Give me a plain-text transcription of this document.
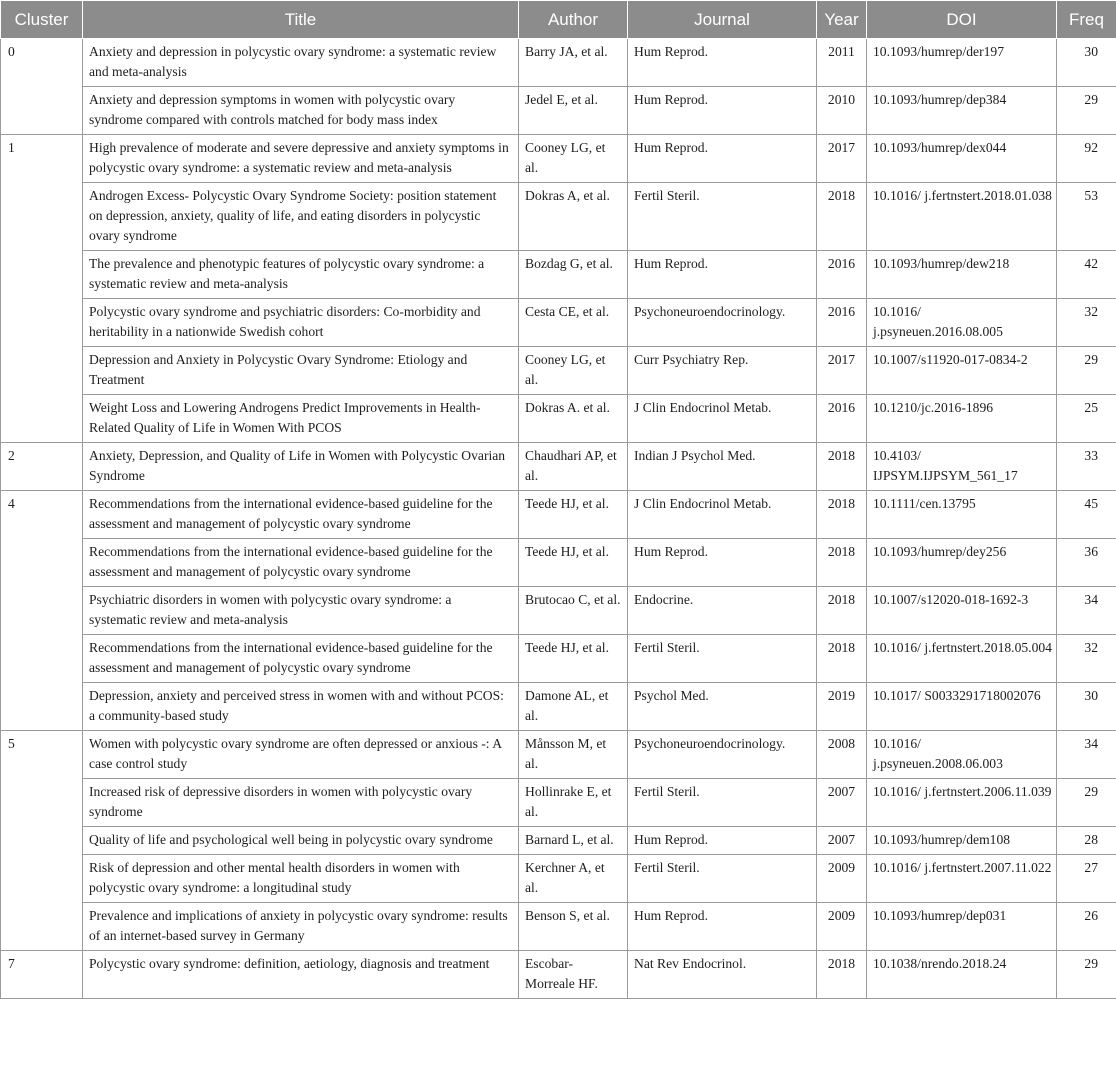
Cluster	Title	Author	Journal	Year	DOI	Freq
0	Anxiety and depression in polycystic ovary syndrome: a systematic review and meta-analysis	Barry JA, et al.	Hum Reprod.	2011	10.1093/humrep/der197	30
	Anxiety and depression symptoms in women with polycystic ovary syndrome compared with controls matched for body mass index	Jedel E, et al.	Hum Reprod.	2010	10.1093/humrep/dep384	29
1	High prevalence of moderate and severe depressive and anxiety symptoms in polycystic ovary syndrome: a systematic review and meta-analysis	Cooney LG, et al.	Hum Reprod.	2017	10.1093/humrep/dex044	92
	Androgen Excess- Polycystic Ovary Syndrome Society: position statement on depression, anxiety, quality of life, and eating disorders in polycystic ovary syndrome	Dokras A, et al.	Fertil Steril.	2018	10.1016/ j.fertnstert.2018.01.038	53
	The prevalence and phenotypic features of polycystic ovary syndrome: a systematic review and meta-analysis	Bozdag G, et al.	Hum Reprod.	2016	10.1093/humrep/dew218	42
	Polycystic ovary syndrome and psychiatric disorders: Co-morbidity and heritability in a nationwide Swedish cohort	Cesta CE, et al.	Psychoneuroendocrinology.	2016	10.1016/ j.psyneuen.2016.08.005	32
	Depression and Anxiety in Polycystic Ovary Syndrome: Etiology and Treatment	Cooney LG, et al.	Curr Psychiatry Rep.	2017	10.1007/s11920-017-0834-2	29
	Weight Loss and Lowering Androgens Predict Improvements in Health-Related Quality of Life in Women With PCOS	Dokras A. et al.	J Clin Endocrinol Metab.	2016	10.1210/jc.2016-1896	25
2	Anxiety, Depression, and Quality of Life in Women with Polycystic Ovarian Syndrome	Chaudhari AP, et al.	Indian J Psychol Med.	2018	10.4103/ IJPSYM.IJPSYM_561_17	33
4	Recommendations from the international evidence-based guideline for the assessment and management of polycystic ovary syndrome	Teede HJ, et al.	J Clin Endocrinol Metab.	2018	10.1111/cen.13795	45
	Recommendations from the international evidence-based guideline for the assessment and management of polycystic ovary syndrome	Teede HJ, et al.	Hum Reprod.	2018	10.1093/humrep/dey256	36
	Psychiatric disorders in women with polycystic ovary syndrome: a systematic review and meta-analysis	Brutocao C, et al.	Endocrine.	2018	10.1007/s12020-018-1692-3	34
	Recommendations from the international evidence-based guideline for the assessment and management of polycystic ovary syndrome	Teede HJ, et al.	Fertil Steril.	2018	10.1016/ j.fertnstert.2018.05.004	32
	Depression, anxiety and perceived stress in women with and without PCOS: a community-based study	Damone AL, et al.	Psychol Med.	2019	10.1017/ S0033291718002076	30
5	Women with polycystic ovary syndrome are often depressed or anxious -: A case control study	Månsson M, et al.	Psychoneuroendocrinology.	2008	10.1016/ j.psyneuen.2008.06.003	34
	Increased risk of depressive disorders in women with polycystic ovary syndrome	Hollinrake E, et al.	Fertil Steril.	2007	10.1016/ j.fertnstert.2006.11.039	29
	Quality of life and psychological well being in polycystic ovary syndrome	Barnard L, et al.	Hum Reprod.	2007	10.1093/humrep/dem108	28
	Risk of depression and other mental health disorders in women with polycystic ovary syndrome: a longitudinal study	Kerchner A, et al.	Fertil Steril.	2009	10.1016/ j.fertnstert.2007.11.022	27
	Prevalence and implications of anxiety in polycystic ovary syndrome: results of an internet-based survey in Germany	Benson S, et al.	Hum Reprod.	2009	10.1093/humrep/dep031	26
7	Polycystic ovary syndrome: definition, aetiology, diagnosis and treatment	Escobar-Morreale HF.	Nat Rev Endocrinol.	2018	10.1038/nrendo.2018.24	29
